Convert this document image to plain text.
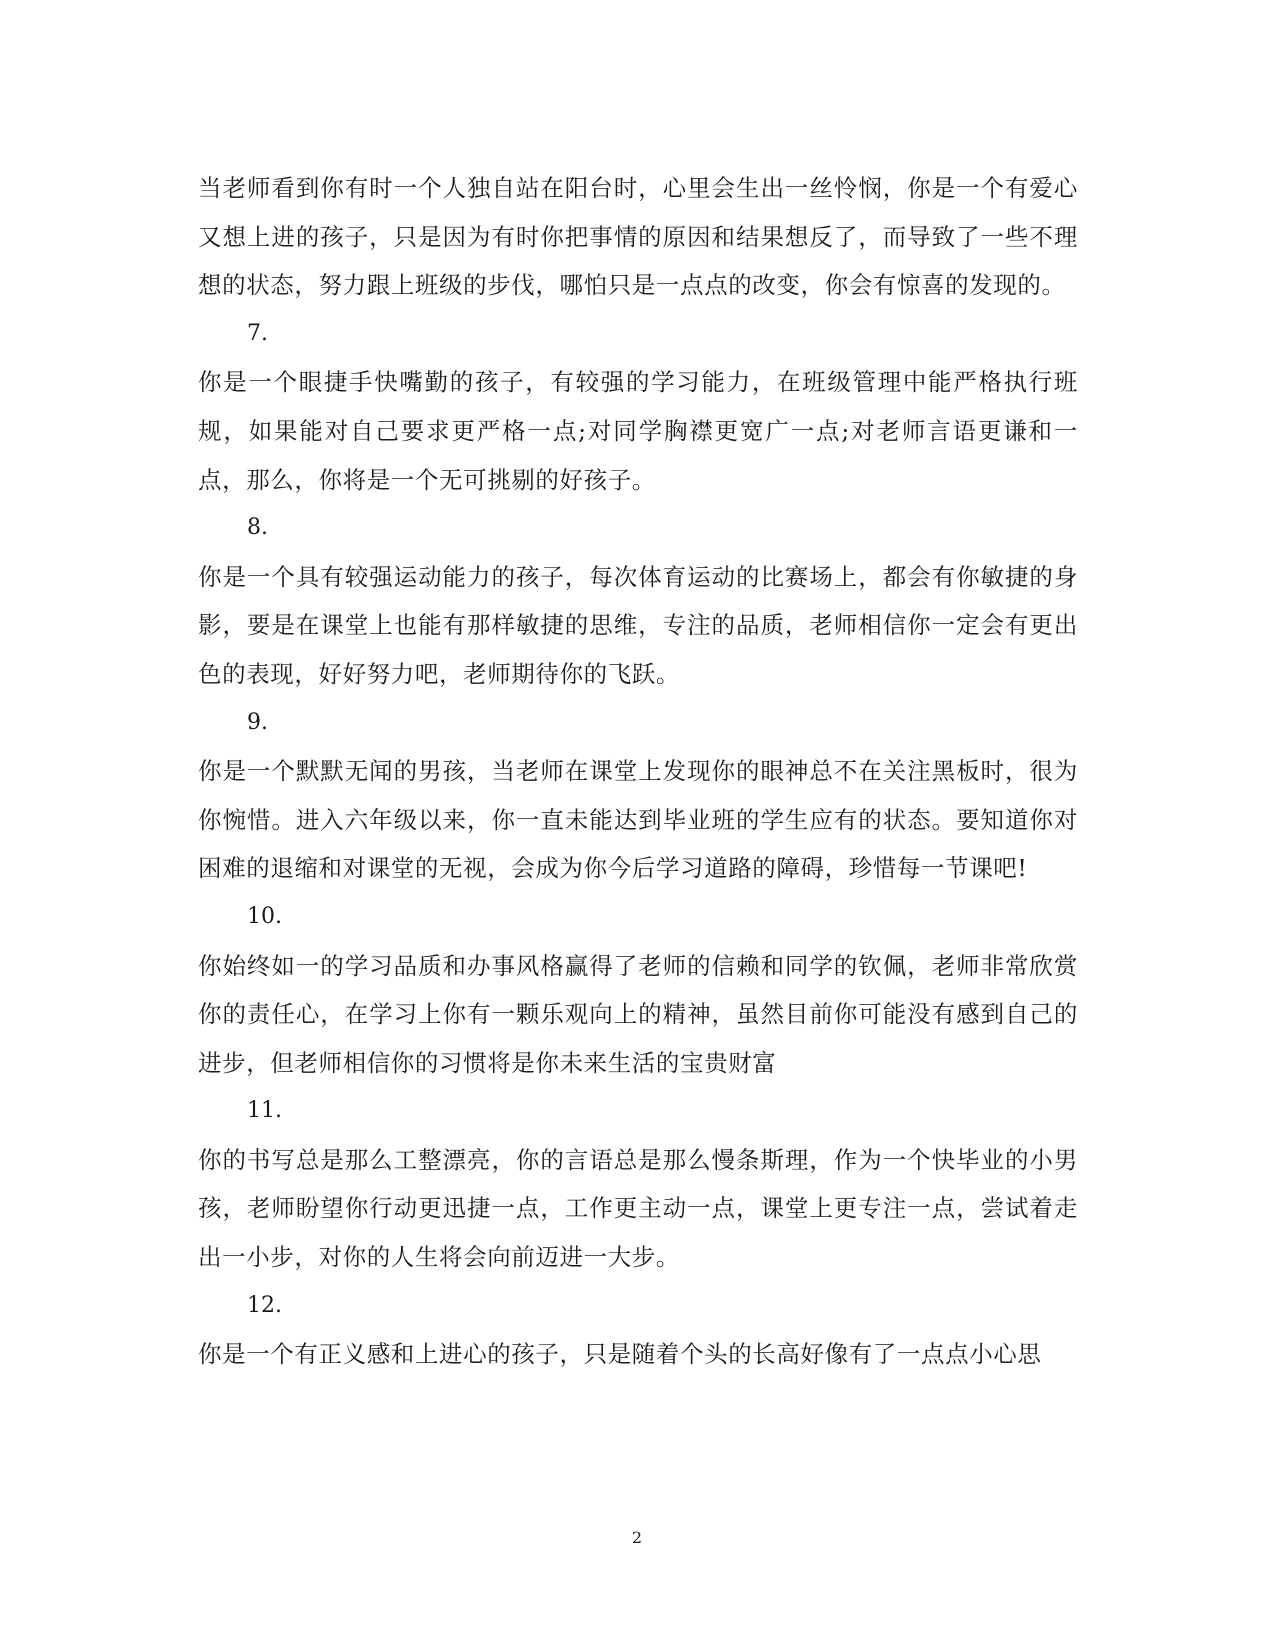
当老师看到你有时一个人独自站在阳台时，心里会生出一丝怜悯，你是一个有爱心又想上进的孩子，只是因为有时你把事情的原因和结果想反了，而导致了一些不理想的状态，努力跟上班级的步伐，哪怕只是一点点的改变，你会有惊喜的发现的。

7.

你是一个眼捷手快嘴勤的孩子，有较强的学习能力，在班级管理中能严格执行班规，如果能对自己要求更严格一点;对同学胸襟更宽广一点;对老师言语更谦和一点，那么，你将是一个无可挑剔的好孩子。

8.

你是一个具有较强运动能力的孩子，每次体育运动的比赛场上，都会有你敏捷的身影，要是在课堂上也能有那样敏捷的思维，专注的品质，老师相信你一定会有更出色的表现，好好努力吧，老师期待你的飞跃。

9.

你是一个默默无闻的男孩，当老师在课堂上发现你的眼神总不在关注黑板时，很为你惋惜。进入六年级以来，你一直未能达到毕业班的学生应有的状态。要知道你对困难的退缩和对课堂的无视，会成为你今后学习道路的障碍，珍惜每一节课吧!

10.

你始终如一的学习品质和办事风格赢得了老师的信赖和同学的钦佩，老师非常欣赏你的责任心，在学习上你有一颗乐观向上的精神，虽然目前你可能没有感到自己的进步，但老师相信你的习惯将是你未来生活的宝贵财富

11.

你的书写总是那么工整漂亮，你的言语总是那么慢条斯理，作为一个快毕业的小男孩，老师盼望你行动更迅捷一点，工作更主动一点，课堂上更专注一点，尝试着走出一小步，对你的人生将会向前迈进一大步。

12.

你是一个有正义感和上进心的孩子，只是随着个头的长高好像有了一点点小心思

2
